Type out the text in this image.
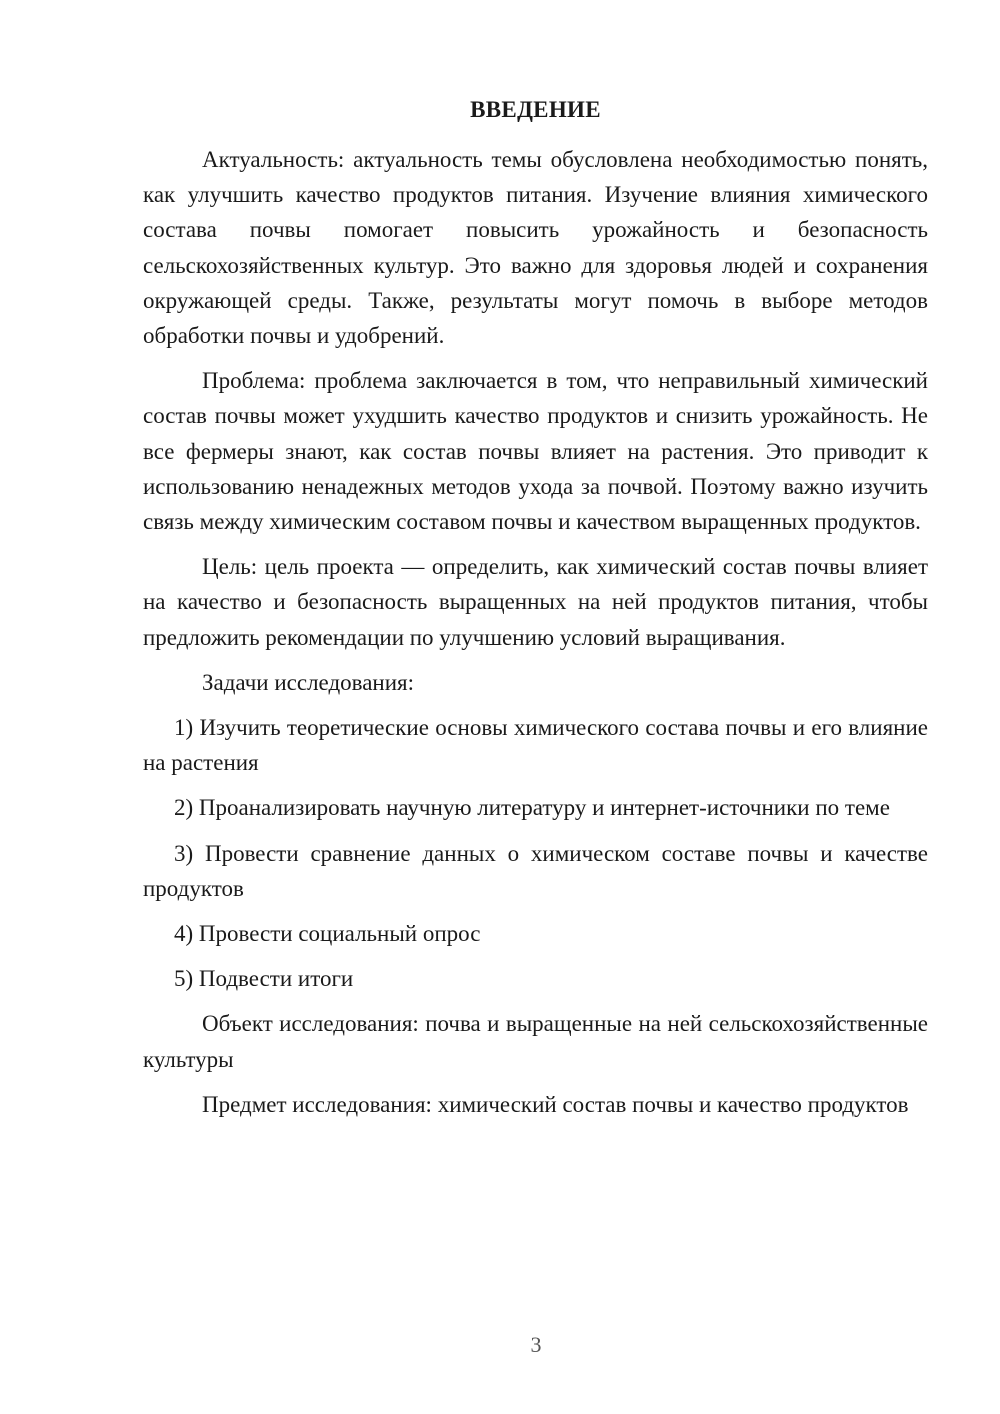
ВВЕДЕНИЕ

Актуальность: актуальность темы обусловлена необходимостью понять, как улучшить качество продуктов питания. Изучение влияния химического состава почвы помогает повысить урожайность и безопасность сельскохозяйственных культур. Это важно для здоровья людей и сохранения окружающей среды. Также, результаты могут помочь в выборе методов обработки почвы и удобрений.

Проблема: проблема заключается в том, что неправильный химический состав почвы может ухудшить качество продуктов и снизить урожайность. Не все фермеры знают, как состав почвы влияет на растения. Это приводит к использованию ненадежных методов ухода за почвой. Поэтому важно изучить связь между химическим составом почвы и качеством выращенных продуктов.

Цель: цель проекта — определить, как химический состав почвы влияет на качество и безопасность выращенных на ней продуктов питания, чтобы предложить рекомендации по улучшению условий выращивания.

Задачи исследования:

1) Изучить теоретические основы химического состава почвы и его влияние на растения

2) Проанализировать научную литературу и интернет-источники по теме

3) Провести сравнение данных о химическом составе почвы и качестве продуктов

4) Провести социальный опрос

5) Подвести итоги

Объект исследования: почва и выращенные на ней сельскохозяйственные культуры

Предмет исследования: химический состав почвы и качество продуктов

3
